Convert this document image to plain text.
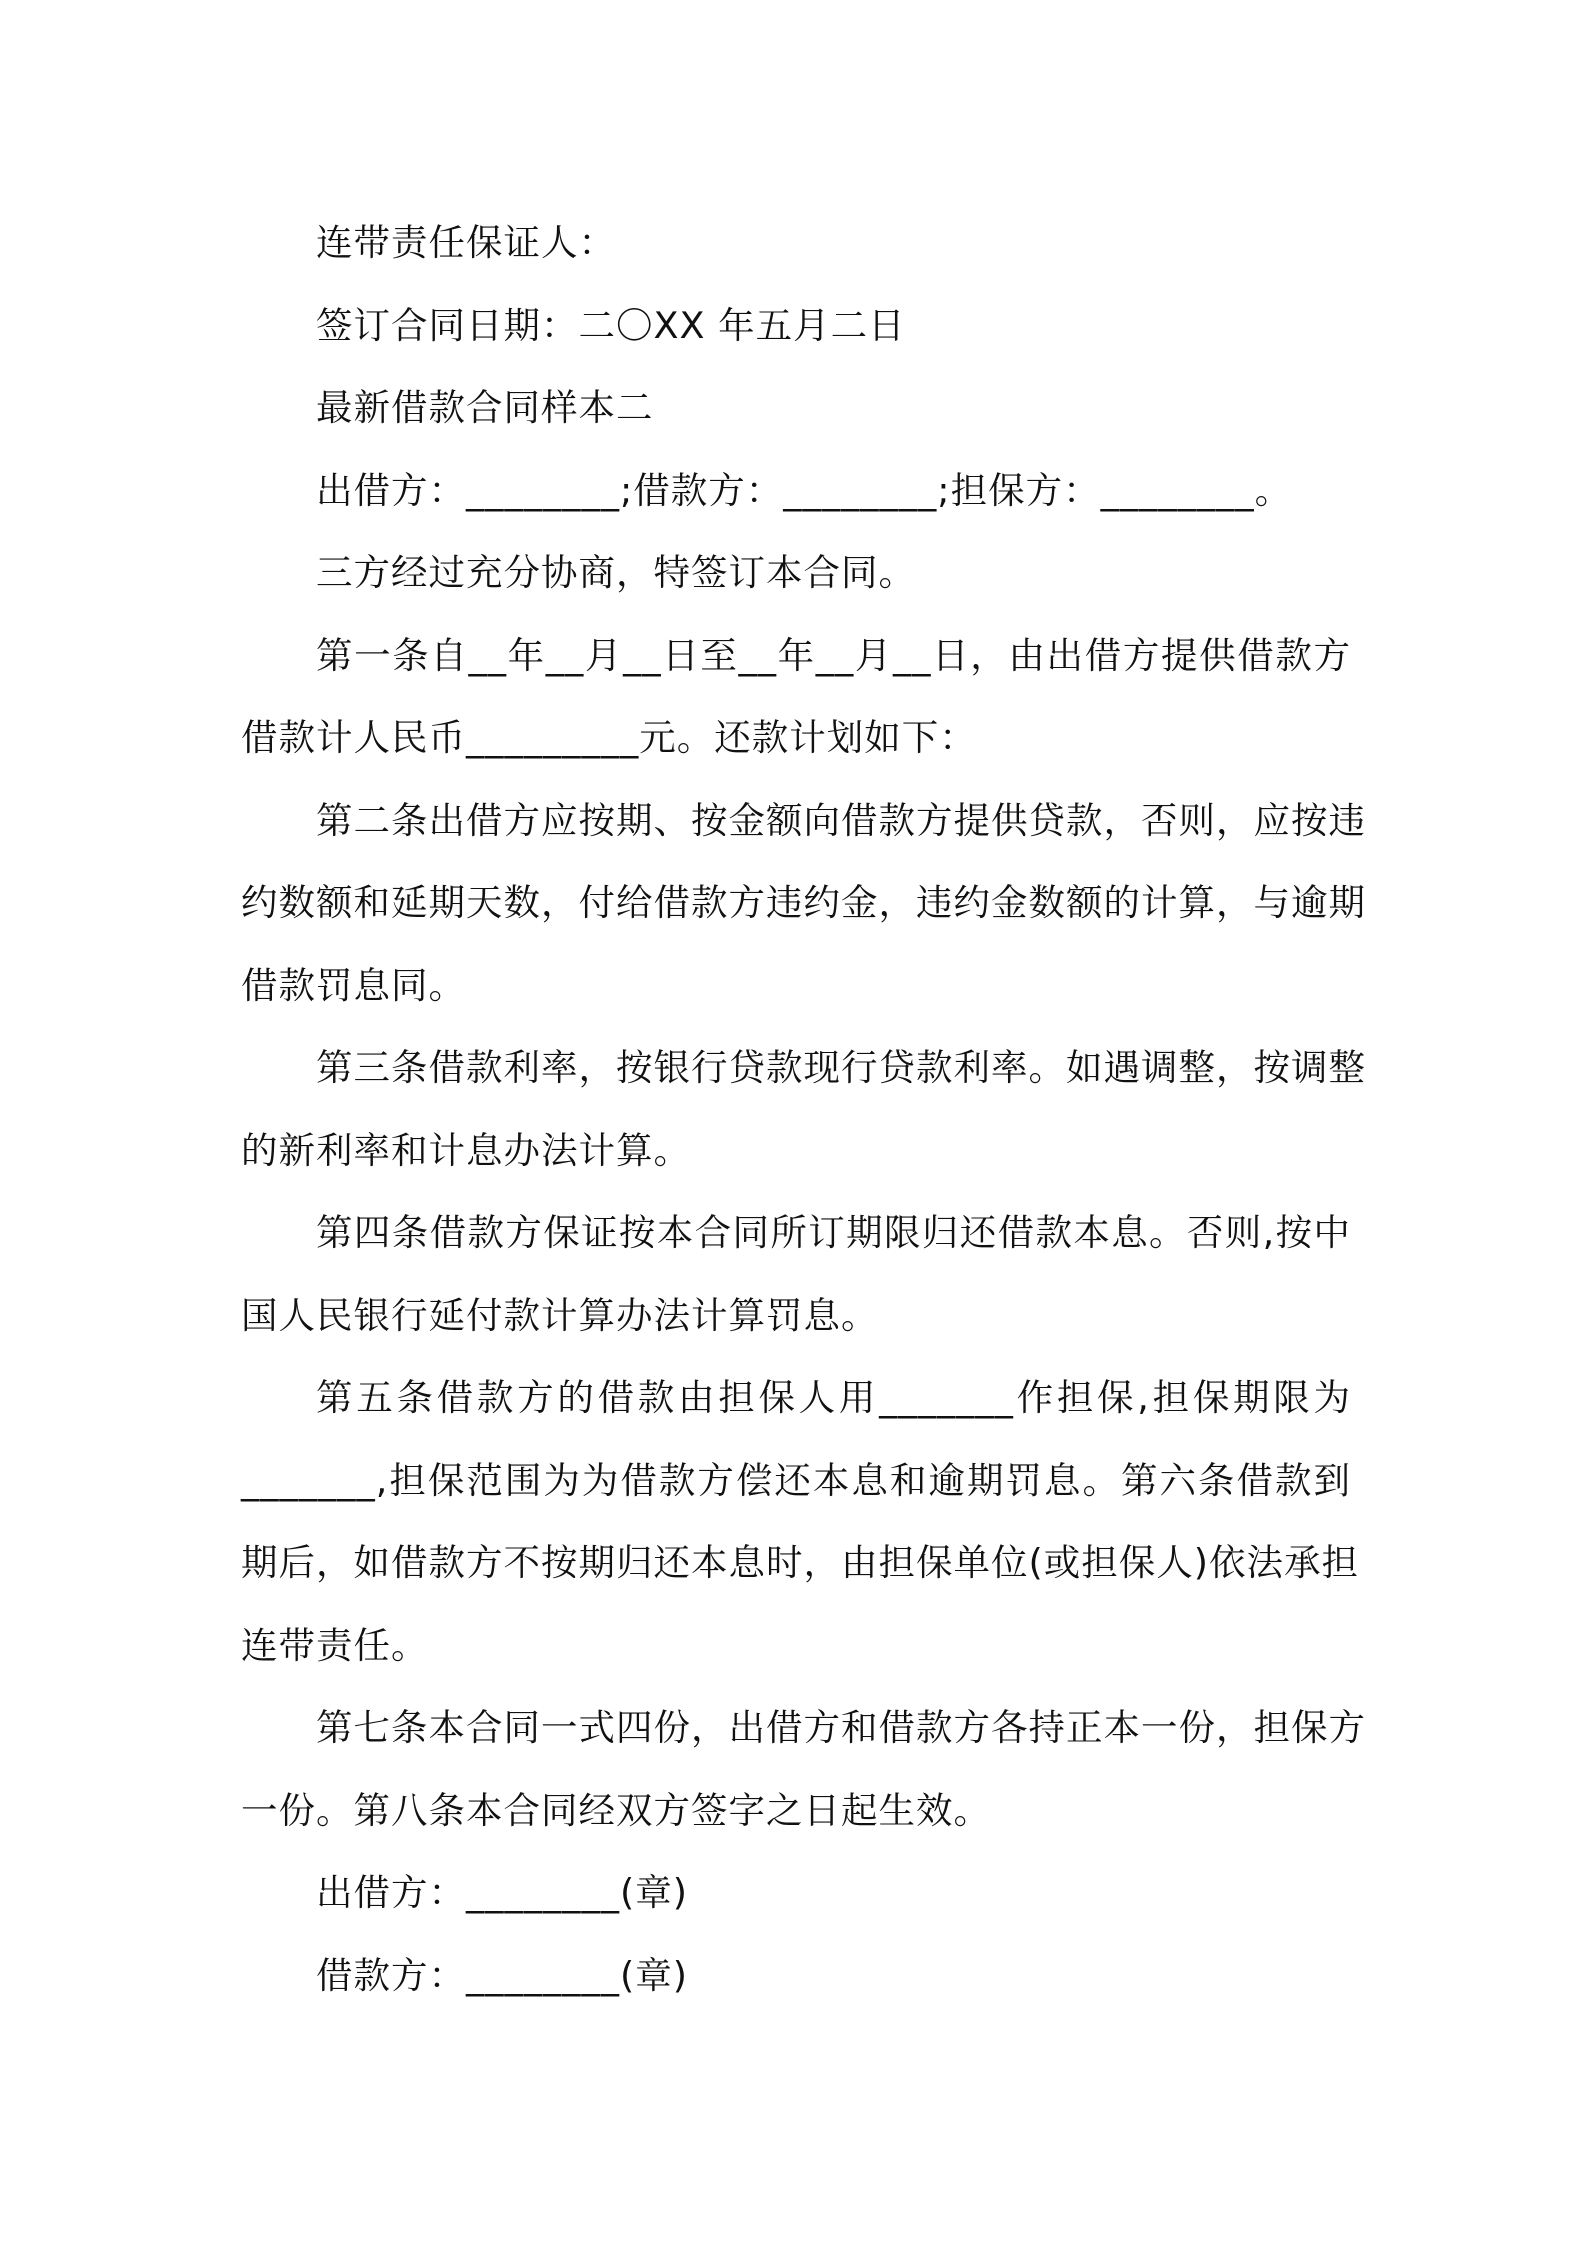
连带责任保证人：

签订合同日期：二〇XX 年五月二日

最新借款合同样本二

出借方：________;借款方：________;担保方：________。

三方经过充分协商，特签订本合同。

第一条自__年__月__日至__年__月__日，由出借方提供借款方

借款计人民币_________元。还款计划如下：

第二条出借方应按期、按金额向借款方提供贷款，否则，应按违

约数额和延期天数，付给借款方违约金，违约金数额的计算，与逾期

借款罚息同。

第三条借款利率，按银行贷款现行贷款利率。如遇调整，按调整

的新利率和计息办法计算。

第四条借款方保证按本合同所订期限归还借款本息。否则,按中

国人民银行延付款计算办法计算罚息。

第五条借款方的借款由担保人用_______作担保,担保期限为

_______,担保范围为为借款方偿还本息和逾期罚息。第六条借款到

期后，如借款方不按期归还本息时，由担保单位(或担保人)依法承担

连带责任。

第七条本合同一式四份，出借方和借款方各持正本一份，担保方

一份。第八条本合同经双方签字之日起生效。

出借方：________(章)

借款方：________(章)
